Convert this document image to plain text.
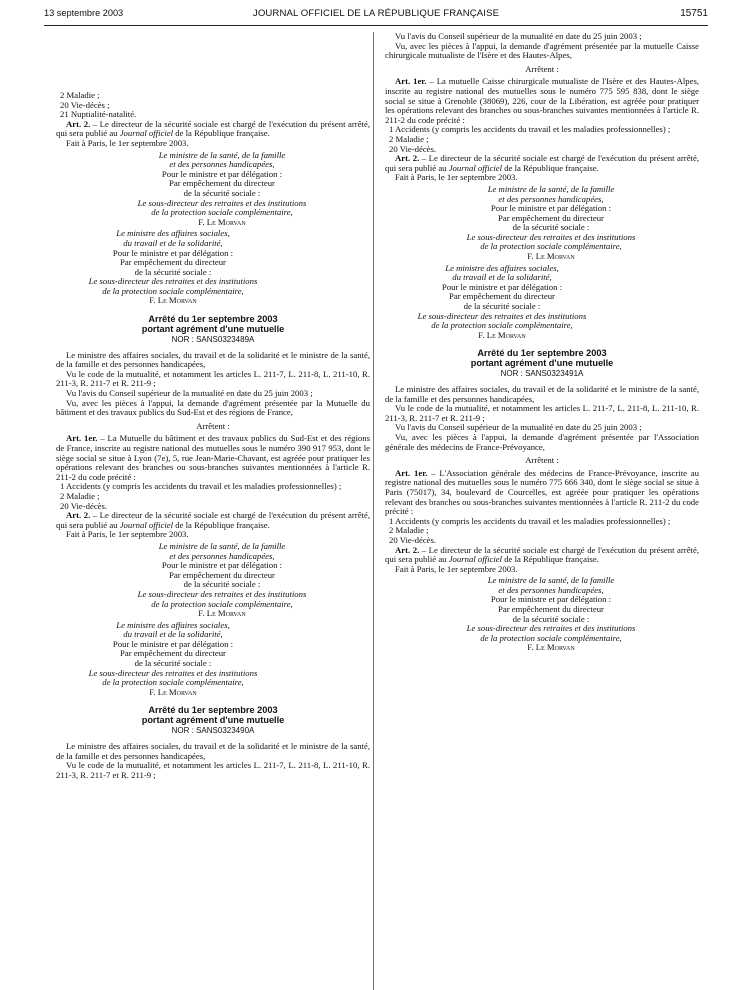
13 septembre 2003	JOURNAL OFFICIEL DE LA RÉPUBLIQUE FRANÇAISE	15751

2 Maladie ;

20 Vie-décès ;

21 Nuptialité-natalité.

Art. 2. – Le directeur de la sécurité sociale est chargé de l'exécution du présent arrêté, qui sera publié au Journal officiel de la République française.

Fait à Paris, le 1er septembre 2003.

Le ministre de la santé, de la famille

et des personnes handicapées,

Pour le ministre et par délégation :

Par empêchement du directeur

de la sécurité sociale :

Le sous-directeur des retraites et des institutions

de la protection sociale complémentaire,

F. Le Morvan

Le ministre des affaires sociales,

du travail et de la solidarité,

Pour le ministre et par délégation :

Par empêchement du directeur

de la sécurité sociale :

Le sous-directeur des retraites et des institutions

de la protection sociale complémentaire,

F. Le Morvan

Arrêté du 1er septembre 2003
portant agrément d'une mutuelle
NOR : SANS0323489A

Le ministre des affaires sociales, du travail et de la solidarité et le ministre de la santé, de la famille et des personnes handicapées,

Vu le code de la mutualité, et notamment les articles L. 211-7, L. 211-8, L. 211-10, R. 211-3, R. 211-7 et R. 211-9 ;

Vu l'avis du Conseil supérieur de la mutualité en date du 25 juin 2003 ;

Vu, avec les pièces à l'appui, la demande d'agrément présentée par la Mutuelle du bâtiment et des travaux publics du Sud-Est et des régions de France,

Arrêtent :

Art. 1er. – La Mutuelle du bâtiment et des travaux publics du Sud-Est et des régions de France, inscrite au registre national des mutuelles sous le numéro 390 917 953, dont le siège social se situe à Lyon (7e), 5, rue Jean-Marie-Chavant, est agréée pour pratiquer les opérations relevant des branches ou sous-branches suivantes mentionnées à l'article R. 211-2 du code précité :

1 Accidents (y compris les accidents du travail et les maladies professionnelles) ;

2 Maladie ;

20 Vie-décès.

Art. 2. – Le directeur de la sécurité sociale est chargé de l'exécution du présent arrêté, qui sera publié au Journal officiel de la République française.

Fait à Paris, le 1er septembre 2003.

Le ministre de la santé, de la famille

et des personnes handicapées,

Pour le ministre et par délégation :

Par empêchement du directeur

de la sécurité sociale :

Le sous-directeur des retraites et des institutions

de la protection sociale complémentaire,

F. Le Morvan

Le ministre des affaires sociales,

du travail et de la solidarité,

Pour le ministre et par délégation :

Par empêchement du directeur

de la sécurité sociale :

Le sous-directeur des retraites et des institutions

de la protection sociale complémentaire,

F. Le Morvan

Arrêté du 1er septembre 2003
portant agrément d'une mutuelle
NOR : SANS0323490A

Le ministre des affaires sociales, du travail et de la solidarité et le ministre de la santé, de la famille et des personnes handicapées,

Vu le code de la mutualité, et notamment les articles L. 211-7, L. 211-8, L. 211-10, R. 211-3, R. 211-7 et R. 211-9 ;

Vu l'avis du Conseil supérieur de la mutualité en date du 25 juin 2003 ;

Vu, avec les pièces à l'appui, la demande d'agrément présentée par la mutuelle Caisse chirurgicale mutualiste de l'Isère et des Hautes-Alpes,

Arrêtent :

Art. 1er. – La mutuelle Caisse chirurgicale mutualiste de l'Isère et des Hautes-Alpes, inscrite au registre national des mutuelles sous le numéro 775 595 838, dont le siège social se situe à Grenoble (38069), 226, cour de la Libération, est agréée pour pratiquer les opérations relevant des branches ou sous-branches suivantes mentionnées à l'article R. 211-2 du code précité :

1 Accidents (y compris les accidents du travail et les maladies professionnelles) ;

2 Maladie ;

20 Vie-décès.

Art. 2. – Le directeur de la sécurité sociale est chargé de l'exécution du présent arrêté, qui sera publié au Journal officiel de la République française.

Fait à Paris, le 1er septembre 2003.

Le ministre de la santé, de la famille

et des personnes handicapées,

Pour le ministre et par délégation :

Par empêchement du directeur

de la sécurité sociale :

Le sous-directeur des retraites et des institutions

de la protection sociale complémentaire,

F. Le Morvan

Le ministre des affaires sociales,

du travail et de la solidarité,

Pour le ministre et par délégation :

Par empêchement du directeur

de la sécurité sociale :

Le sous-directeur des retraites et des institutions

de la protection sociale complémentaire,

F. Le Morvan

Arrêté du 1er septembre 2003
portant agrément d'une mutuelle
NOR : SANS0323491A

Le ministre des affaires sociales, du travail et de la solidarité et le ministre de la santé, de la famille et des personnes handicapées,

Vu le code de la mutualité, et notamment les articles L. 211-7, L. 211-8, L. 211-10, R. 211-3, R. 211-7 et R. 211-9 ;

Vu l'avis du Conseil supérieur de la mutualité en date du 25 juin 2003 ;

Vu, avec les pièces à l'appui, la demande d'agrément présentée par l'Association générale des médecins de France-Prévoyance,

Arrêtent :

Art. 1er. – L'Association générale des médecins de France-Prévoyance, inscrite au registre national des mutuelles sous le numéro 775 666 340, dont le siège social se situe à Paris (75017), 34, boulevard de Courcelles, est agréée pour pratiquer les opérations relevant des branches ou sous-branches suivantes mentionnées à l'article R. 211-2 du code précité :

1 Accidents (y compris les accidents du travail et les maladies professionnelles) ;

2 Maladie ;

20 Vie-décès.

Art. 2. – Le directeur de la sécurité sociale est chargé de l'exécution du présent arrêté, qui sera publié au Journal officiel de la République française.

Fait à Paris, le 1er septembre 2003.

Le ministre de la santé, de la famille

et des personnes handicapées,

Pour le ministre et par délégation :

Par empêchement du directeur

de la sécurité sociale :

Le sous-directeur des retraites et des institutions

de la protection sociale complémentaire,

F. Le Morvan
